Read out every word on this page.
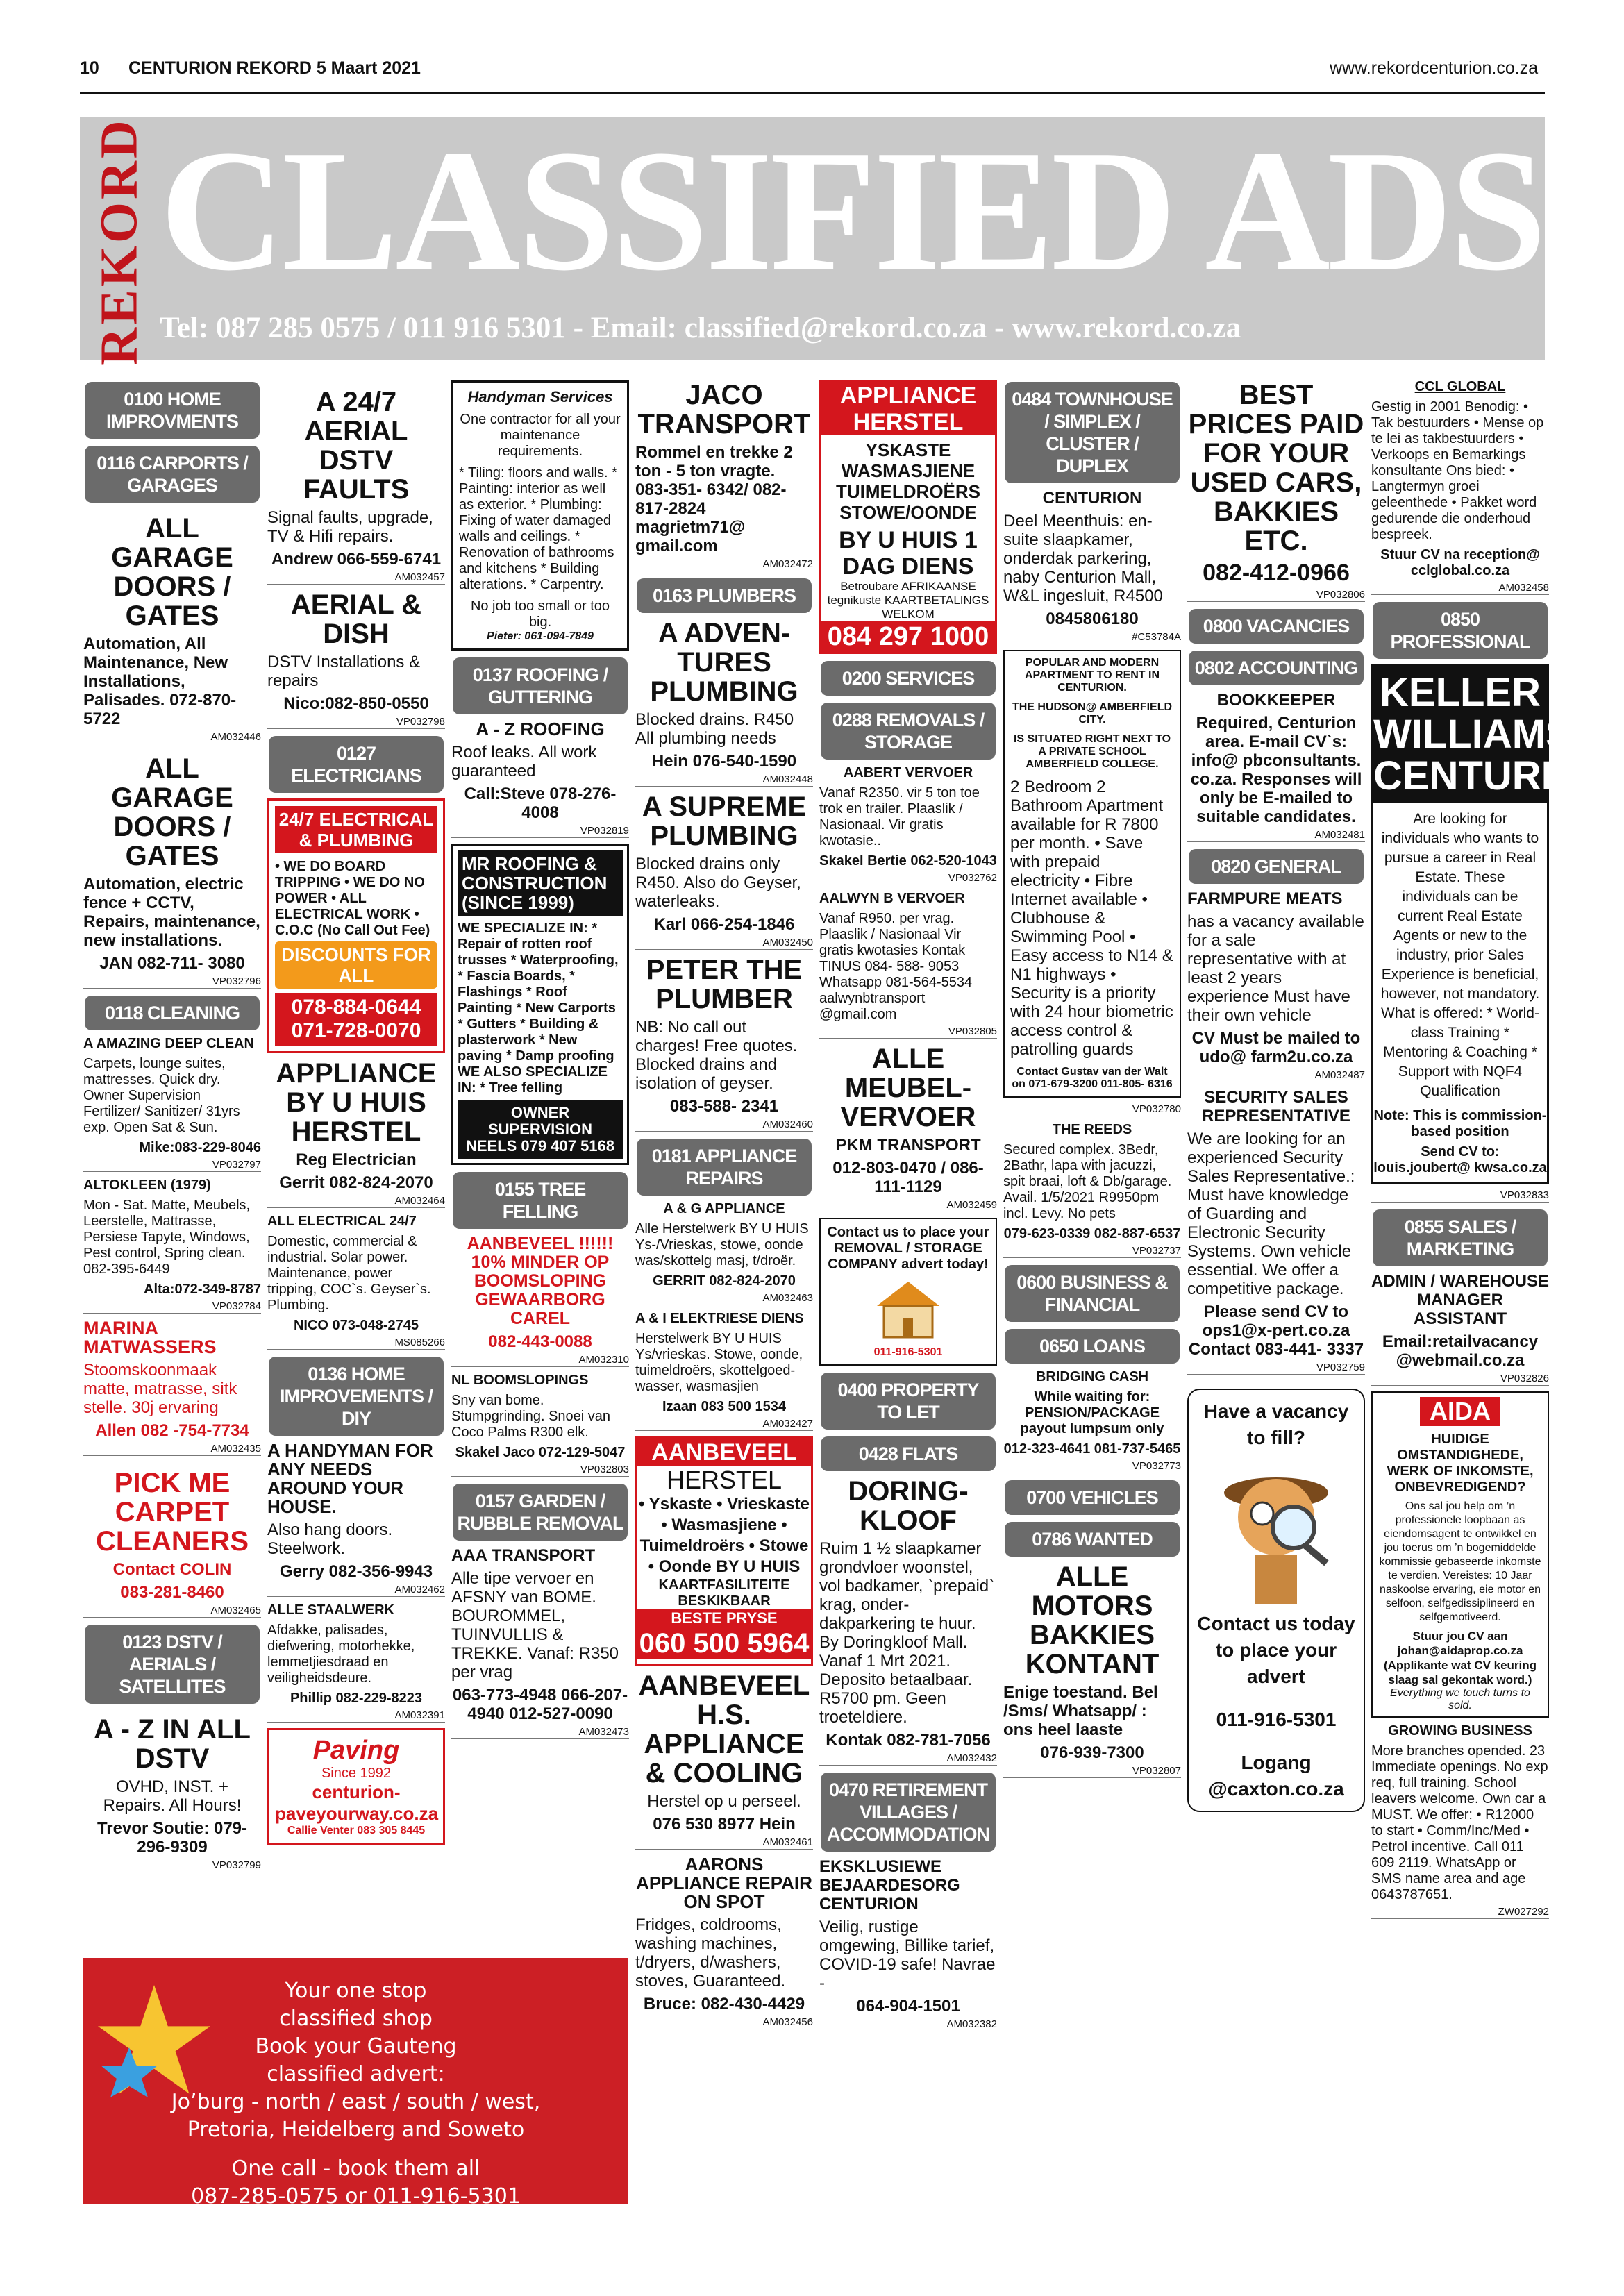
10 CENTURION REKORD 5 Maart 2021	www.rekordcenturion.co.za
REKORD CLASSIFIED ADS
Tel: 087 285 0575 / 011 916 5301 - Email: classified@rekord.co.za - www.rekord.co.za
0100 HOME IMPROVMENTS
0116 CARPORTS / GARAGES
ALL GARAGE DOORS / GATES
Automation, All Maintenance, New Installations, Palisades. 072-870-5722
AM032446
ALL GARAGE DOORS / GATES
Automation, electric fence + CCTV, Repairs, maintenance, new installations.
JAN 082-711- 3080
VP032796
0118 CLEANING
A AMAZING DEEP CLEAN
Carpets, lounge suites, mattresses. Quick dry. Owner Supervision Fertilizer/ Sanitizer/ 31yrs exp. Open Sat & Sun.
Mike:083-229-8046
VP032797
ALTOKLEEN (1979)
Mon - Sat. Matte, Meubels, Leerstelle, Mattrasse, Persiese Tapyte, Windows, Pest control, Spring clean. 082-395-6449
Alta:072-349-8787
VP032784
MARINA MATWASSERS
Stoomskoonmaak matte, matrasse, sitk stelle. 30j ervaring
Allen 082 -754-7734
AM032435
PICK ME CARPET CLEANERS
Contact COLIN
083-281-8460
AM032465
0123 DSTV / AERIALS / SATELLITES
A - Z IN ALL DSTV
OVHD, INST. + Repairs. All Hours!
Trevor Soutie: 079-296-9309
VP032799
A 24/7 AERIAL DSTV FAULTS
Signal faults, upgrade, TV & Hifi repairs.
Andrew 066-559-6741
AM032457
AERIAL & DISH
DSTV Installations & repairs
Nico:082-850-0550
VP032798
0127 ELECTRICIANS
24/7 ELECTRICAL & PLUMBING
• WE DO BOARD TRIPPING • WE DO NO POWER • ALL ELECTRICAL WORK • C.O.C (No Call Out Fee)
DISCOUNTS FOR ALL
078-884-0644 071-728-0070
APPLIANCE BY U HUIS HERSTEL
Reg Electrician
Gerrit 082-824-2070
AM032464
ALL ELECTRICAL 24/7
Domestic, commercial & industrial. Solar power. Maintenance, power tripping, COC`s. Geyser`s. Plumbing.
NICO 073-048-2745
MS085266
0136 HOME IMPROVEMENTS / DIY
A HANDYMAN FOR ANY NEEDS AROUND YOUR HOUSE.
Also hang doors. Steelwork.
Gerry 082-356-9943
AM032462
ALLE STAALWERK
Afdakke, palisades, diefwering, motorhekke, lemmetjiesdraad en veiligheidsdeure.
Phillip 082-229-8223
AM032391
Paving
Since 1992
centurion-paveyourway.co.za
Callie Venter 083 305 8445
Handyman Services
One contractor for all your maintenance requirements.
* Tiling: floors and walls. * Painting: interior as well as exterior. * Plumbing: Fixing of water damaged walls and ceilings. * Renovation of bathrooms and kitchens * Building alterations. * Carpentry.
No job too small or too big.
Pieter: 061-094-7849
0137 ROOFING / GUTTERING
A - Z ROOFING
Roof leaks. All work guaranteed
Call:Steve 078-276-4008
VP032819
MR ROOFING & CONSTRUCTION (SINCE 1999)
WE SPECIALIZE IN: * Repair of rotten roof trusses * Waterproofing, * Fascia Boards, * Flashings * Roof Painting * New Carports * Gutters * Building & plasterwork * New paving * Damp proofing WE ALSO SPECIALIZE IN: * Tree felling
OWNER SUPERVISION NEELS 079 407 5168
0155 TREE FELLING
AANBEVEEL !!!!!! 10% MINDER OP BOOMSLOPING GEWAARBORG CAREL
082-443-0088
AM032310
NL BOOMSLOPINGS
Sny van bome. Stumpgrinding. Snoei van Coco Palms R300 elk.
Skakel Jaco 072-129-5047
VP032803
0157 GARDEN / RUBBLE REMOVAL
AAA TRANSPORT
Alle tipe vervoer en AFSNY van BOME. BOUROMMEL, TUINVULLIS & TREKKE. Vanaf: R350 per vrag
063-773-4948 066-207-4940 012-527-0090
AM032473
JACO TRANSPORT
Rommel en trekke 2 ton - 5 ton vragte. 083-351- 6342/ 082-817-2824 magrietm71@ gmail.com
AM032472
0163 PLUMBERS
A ADVEN-TURES PLUMBING
Blocked drains. R450 All plumbing needs
Hein 076-540-1590
AM032448
A SUPREME PLUMBING
Blocked drains only R450. Also do Geyser, waterleaks.
Karl 066-254-1846
AM032450
PETER THE PLUMBER
NB: No call out charges! Free quotes. Blocked drains and isolation of geyser.
083-588- 2341
AM032460
0181 APPLIANCE REPAIRS
A & G APPLIANCE
Alle Herstelwerk BY U HUIS Ys-/Vrieskas, stowe, oonde was/skottelg masj, t/droër.
GERRIT 082-824-2070
AM032463
A & I ELEKTRIESE DIENS
Herstelwerk BY U HUIS Ys/vrieskas. Stowe, oonde, tuimeldroërs, skottelgoed-wasser, wasmasjien
Izaan 083 500 1534
AM032427
AANBEVEEL
HERSTEL
• Yskaste • Vrieskaste • Wasmasjiene • Tuimeldroërs • Stowe • Oonde BY U HUIS
KAARTFASILITEITE BESKIKBAAR
BESTE PRYSE
060 500 5964
AANBEVEEL H.S. APPLIANCE & COOLING
Herstel op u perseel.
076 530 8977 Hein
AM032461
AARONS APPLIANCE REPAIR ON SPOT
Fridges, coldrooms, washing machines, t/dryers, d/washers, stoves, Guaranteed.
Bruce: 082-430-4429
AM032456
APPLIANCE HERSTEL
YSKASTE WASMASJIENE TUIMELDROËRS STOWE/OONDE
BY U HUIS 1 DAG DIENS
Betroubare AFRIKAANSE tegnikuste KAARTBETALINGS WELKOM
084 297 1000
0200 SERVICES
0288 REMOVALS / STORAGE
AABERT VERVOER
Vanaf R2350. vir 5 ton toe trok en trailer. Plaaslik / Nasionaal. Vir gratis kwotasie..
Skakel Bertie 062-520-1043
VP032762
AALWYN B VERVOER
Vanaf R950. per vrag. Plaaslik / Nasionaal Vir gratis kwotasies Kontak TINUS 084- 588- 9053 Whatsapp 081-564-5534 aalwynbtransport @gmail.com
VP032805
ALLE MEUBEL-VERVOER
PKM TRANSPORT
012-803-0470 / 086-111-1129
AM032459
Contact us to place your REMOVAL / STORAGE COMPANY advert today!
011-916-5301
0400 PROPERTY TO LET
0428 FLATS
DORING-KLOOF
Ruim 1 ½ slaapkamer grondvloer woonstel, vol badkamer, `prepaid` krag, onder-dakparkering te huur. By Doringkloof Mall. Vanaf 1 Mrt 2021. Deposito betaalbaar. R5700 pm. Geen troeteldiere.
Kontak 082-781-7056
AM032432
0470 RETIREMENT VILLAGES / ACCOMMODATION
EKSKLUSIEWE BEJAARDESORG CENTURION
Veilig, rustige omgewing, Billike tarief, COVID-19 safe! Navrae -
064-904-1501
AM032382
0484 TOWNHOUSE / SIMPLEX / CLUSTER / DUPLEX
CENTURION
Deel Meenthuis: en-suite slaapkamer, onderdak parkering, naby Centurion Mall, W&L ingesluit, R4500
0845806180
#C53784A
POPULAR AND MODERN APARTMENT TO RENT IN CENTURION.
THE HUDSON@ AMBERFIELD CITY.
IS SITUATED RIGHT NEXT TO A PRIVATE SCHOOL AMBERFIELD COLLEGE.
2 Bedroom 2 Bathroom Apartment available for R 7800 per month. • Save with prepaid electricity • Fibre Internet available • Clubhouse & Swimming Pool • Easy access to N14 & N1 highways • Security is a priority with 24 hour biometric access control & patrolling guards
Contact Gustav van der Walt on 071-679-3200 011-805- 6316
VP032780
THE REEDS
Secured complex. 3Bedr, 2Bathr, lapa with jacuzzi, spit braai, loft & Db/garage. Avail. 1/5/2021 R9950pm incl. Levy. No pets
079-623-0339 082-887-6537
VP032737
0600 BUSINESS & FINANCIAL
0650 LOANS
BRIDGING CASH
While waiting for: PENSION/PACKAGE payout lumpsum only
012-323-4641 081-737-5465
VP032773
0700 VEHICLES
0786 WANTED
ALLE MOTORS BAKKIES KONTANT
Enige toestand. Bel /Sms/ Whatsapp/ : ons heel laaste
076-939-7300
VP032807
BEST PRICES PAID FOR YOUR USED CARS, BAKKIES ETC.
082-412-0966
VP032806
0800 VACANCIES
0802 ACCOUNTING
BOOKKEEPER
Required, Centurion area. E-mail CV`s: info@ pbconsultants. co.za. Responses will only be E-mailed to suitable candidates.
AM032481
0820 GENERAL
FARMPURE MEATS
has a vacancy available for a sale representative with at least 2 years experience Must have their own vehicle
CV Must be mailed to udo@ farm2u.co.za
AM032487
SECURITY SALES REPRESENTATIVE
We are looking for an experienced Security Sales Representative.: Must have knowledge of Guarding and Electronic Security Systems. Own vehicle essential. We offer a competitive package.
Please send CV to ops1@x-pert.co.za Contact 083-441- 3337
VP032759
Have a vacancy to fill?
Contact us today to place your advert
011-916-5301
Logang @caxton.co.za
CCL GLOBAL
Gestig in 2001 Benodig: • Tak bestuurders • Mense op te lei as takbestuurders • Verkoops en Bemarkings konsultante Ons bied: • Langtermyn groei geleenthede • Pakket word gedurende die onderhoud bespreek.
Stuur CV na reception@ cclglobal.co.za
AM032458
0850 PROFESSIONAL
KELLER WILLIAMS CENTURION
Are looking for individuals who wants to pursue a career in Real Estate. These individuals can be current Real Estate Agents or new to the industry, prior Sales Experience is beneficial, however, not mandatory. What is offered: * World-class Training * Mentoring & Coaching * Support with NQF4 Qualification
Note: This is commission-based position
Send CV to: louis.joubert@ kwsa.co.za
VP032833
0855 SALES / MARKETING
ADMIN / WAREHOUSE MANAGER ASSISTANT
Email:retailvacancy @webmail.co.za
VP032826
AIDA
HUIDIGE OMSTANDIGHEDE, WERK OF INKOMSTE, ONBEVREDIGEND?
Ons sal jou help om ’n professionele loopbaan as eiendomsagent te ontwikkel en jou toerus om ’n bogemiddelde kommissie gebaseerde inkomste te verdien. Vereistes: 10 Jaar naskoolse ervaring, eie motor en selfoon, selfgedissiplineerd en selfgemotiveerd.
Stuur jou CV aan johan@aidaprop.co.za (Applikante wat CV keuring slaag sal gekontak word.)
Everything we touch turns to sold.
GROWING BUSINESS
More branches opended. 23 Immediate openings. No exp req, full training. School leavers welcome. Own car a MUST. We offer: • R12000 to start • Comm/Inc/Med • Petrol incentive. Call 011 609 2119. WhatsApp or SMS name area and age 0643787651.
ZW027292
Your one stop
classified shop
Book your Gauteng
classified advert:
Jo’burg - north / east / south / west,
Pretoria, Heidelberg and Soweto
One call - book them all
087-285-0575 or 011-916-5301
